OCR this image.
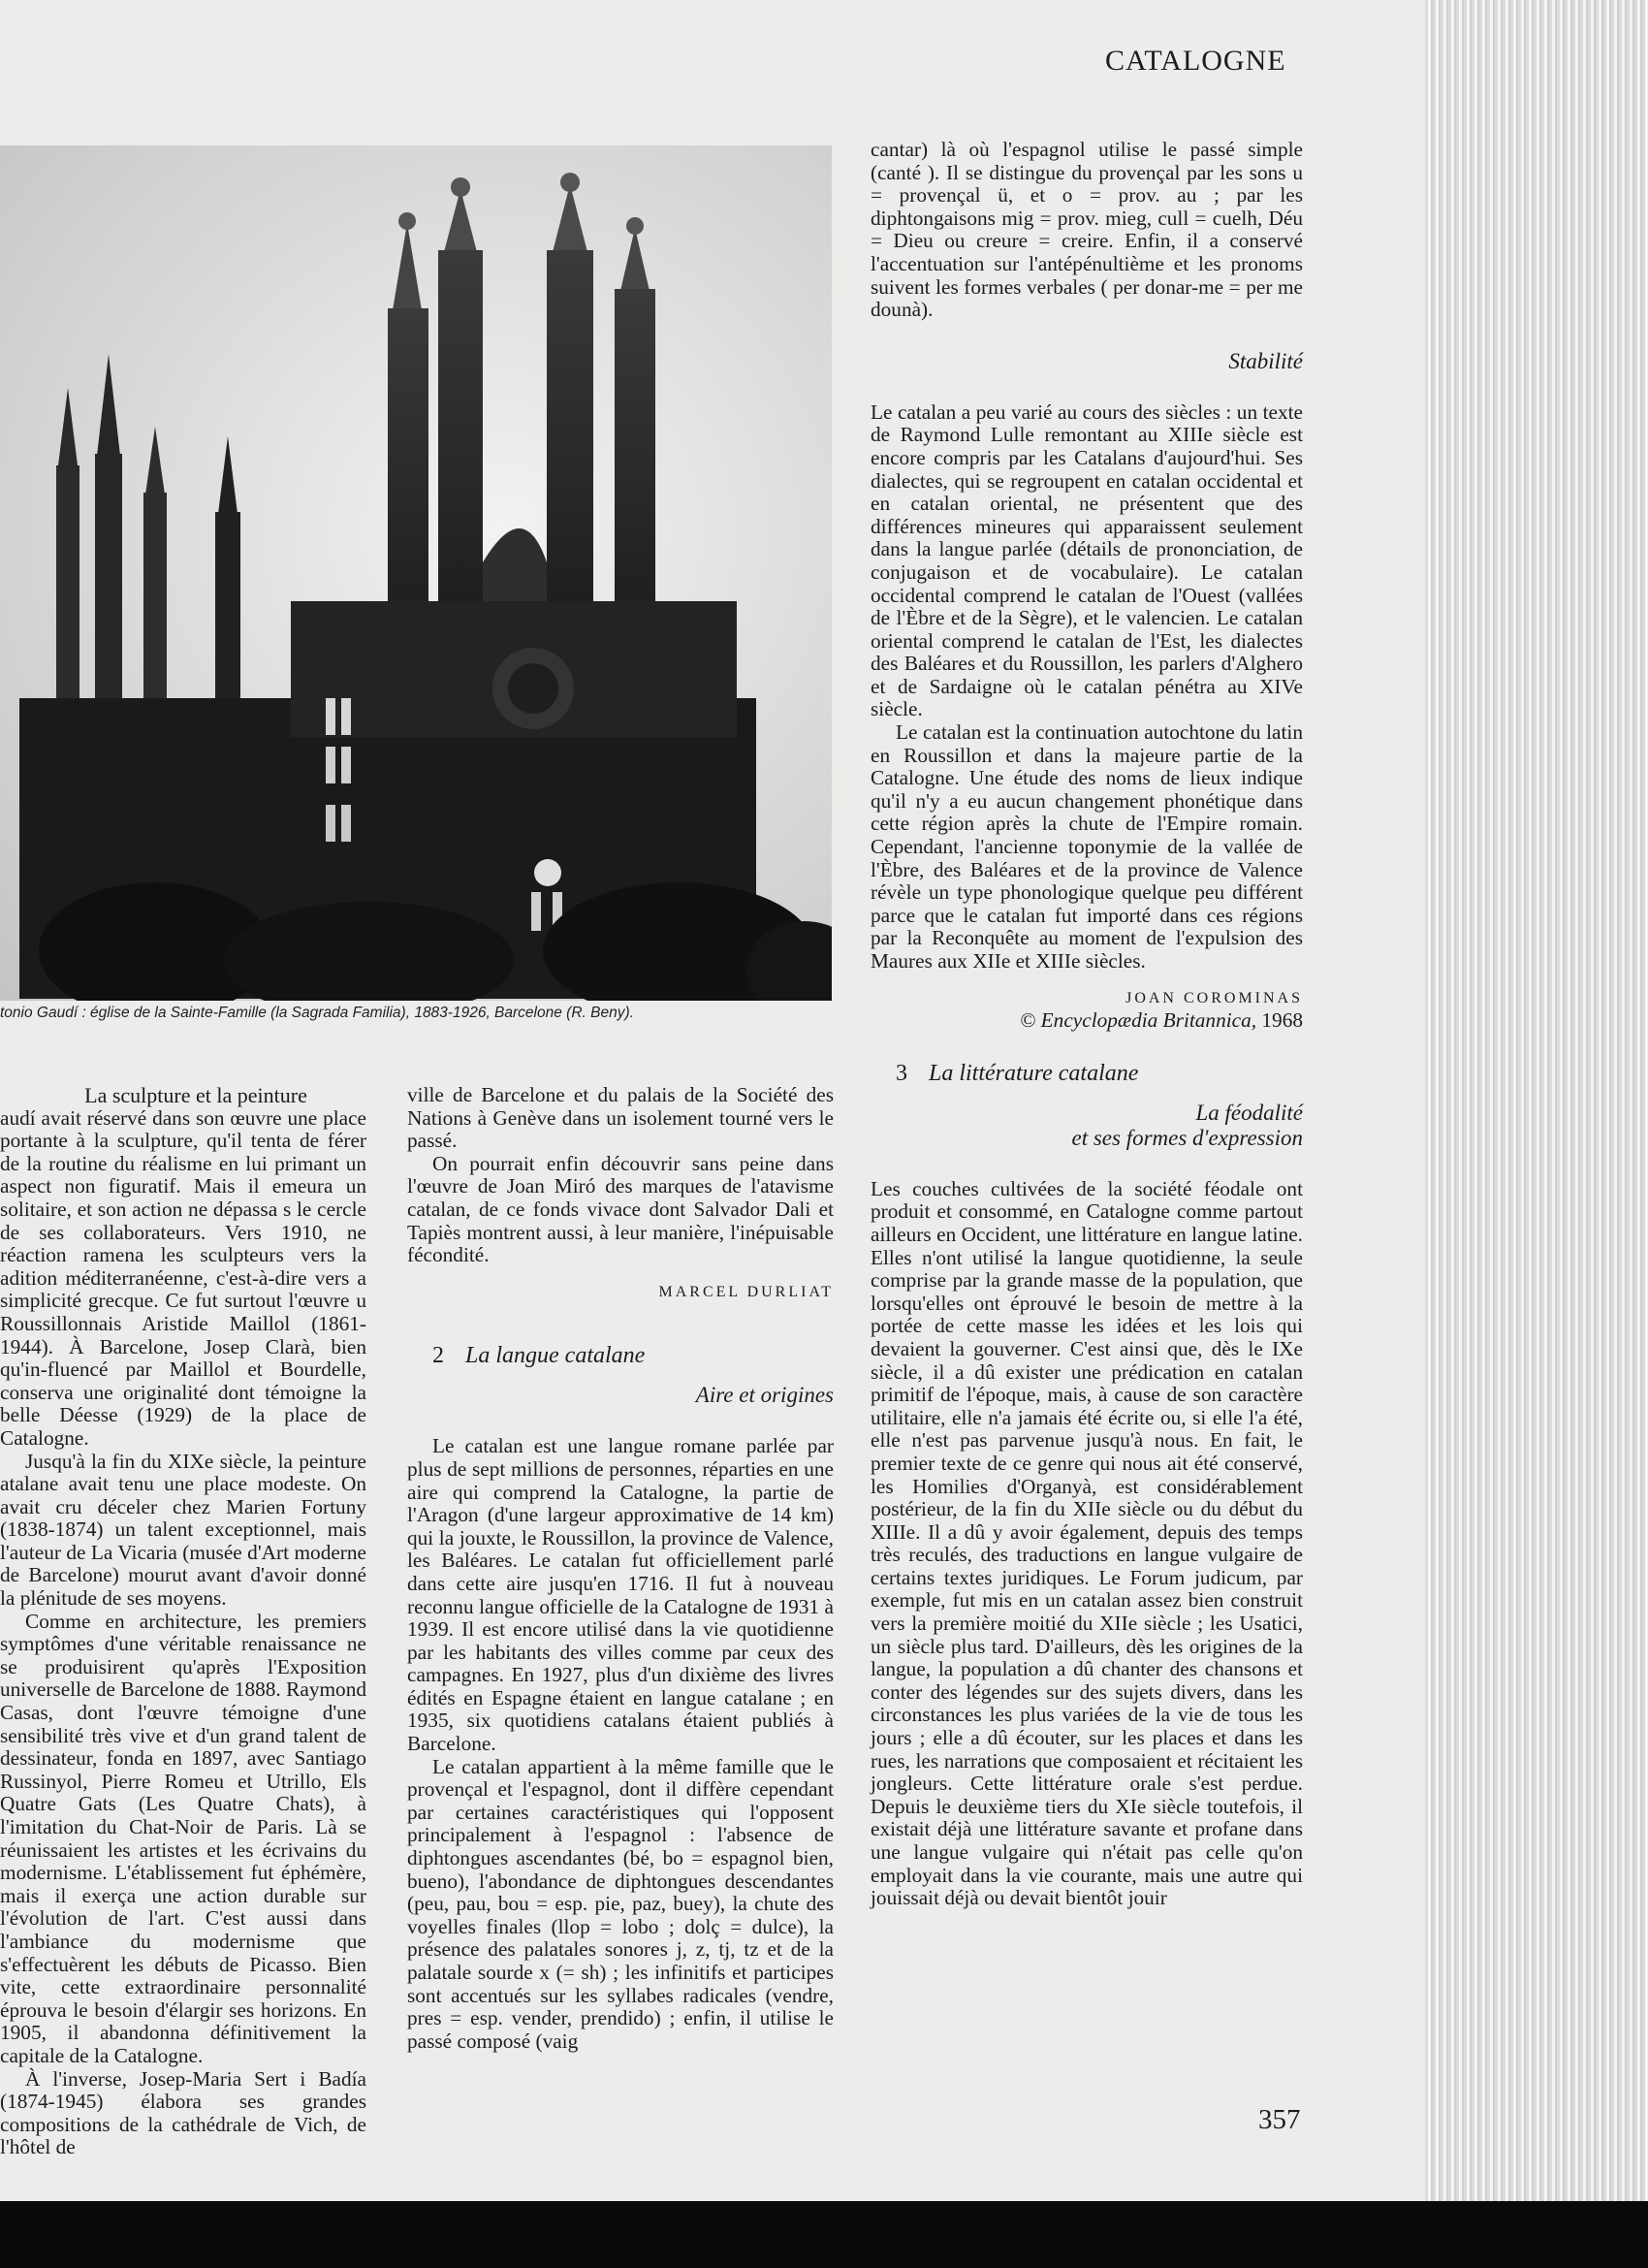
CATALOGNE
tonio Gaudí : église de la Sainte-Famille (la Sagrada Familia), 1883-1926, Barcelone (R. Beny).

La sculpture et la peinture

audí avait réservé dans son œuvre une place portante à la sculpture, qu'il tenta de férer de la routine du réalisme en lui primant un aspect non figuratif. Mais il emeura un solitaire, et son action ne dépassa s le cercle de ses collaborateurs. Vers 1910, ne réaction ramena les sculpteurs vers la adition méditerranéenne, c'est-à-dire vers a simplicité grecque. Ce fut surtout l'œuvre u Roussillonnais Aristide Maillol (1861-1944). À Barcelone, Josep Clarà, bien qu'in-fluencé par Maillol et Bourdelle, conserva une originalité dont témoigne la belle Déesse (1929) de la place de Catalogne.

Jusqu'à la fin du XIXe siècle, la peinture atalane avait tenu une place modeste. On avait cru déceler chez Marien Fortuny (1838-1874) un talent exceptionnel, mais l'auteur de La Vicaria (musée d'Art moderne de Barcelone) mourut avant d'avoir donné la plénitude de ses moyens.

Comme en architecture, les premiers symptômes d'une véritable renaissance ne se produisirent qu'après l'Exposition universelle de Barcelone de 1888. Raymond Casas, dont l'œuvre témoigne d'une sensibilité très vive et d'un grand talent de dessinateur, fonda en 1897, avec Santiago Russinyol, Pierre Romeu et Utrillo, Els Quatre Gats (Les Quatre Chats), à l'imitation du Chat-Noir de Paris. Là se réunissaient les artistes et les écrivains du modernisme. L'établissement fut éphémère, mais il exerça une action durable sur l'évolution de l'art. C'est aussi dans l'ambiance du modernisme que s'effectuèrent les débuts de Picasso. Bien vite, cette extraordinaire personnalité éprouva le besoin d'élargir ses horizons. En 1905, il abandonna définitivement la capitale de la Catalogne.

À l'inverse, Josep-Maria Sert i Badía (1874-1945) élabora ses grandes compositions de la cathédrale de Vich, de l'hôtel de

ville de Barcelone et du palais de la Société des Nations à Genève dans un isolement tourné vers le passé.

On pourrait enfin découvrir sans peine dans l'œuvre de Joan Miró des marques de l'atavisme catalan, de ce fonds vivace dont Salvador Dali et Tapiès montrent aussi, à leur manière, l'inépuisable fécondité.

MARCEL DURLIAT

2 La langue catalane

Aire et origines

Le catalan est une langue romane parlée par plus de sept millions de personnes, réparties en une aire qui comprend la Catalogne, la partie de l'Aragon (d'une largeur approximative de 14 km) qui la jouxte, le Roussillon, la province de Valence, les Baléares. Le catalan fut officiellement parlé dans cette aire jusqu'en 1716. Il fut à nouveau reconnu langue officielle de la Catalogne de 1931 à 1939. Il est encore utilisé dans la vie quotidienne par les habitants des villes comme par ceux des campagnes. En 1927, plus d'un dixième des livres édités en Espagne étaient en langue catalane ; en 1935, six quotidiens catalans étaient publiés à Barcelone.

Le catalan appartient à la même famille que le provençal et l'espagnol, dont il diffère cependant par certaines caractéristiques qui l'opposent principalement à l'espagnol : l'absence de diphtongues ascendantes (bé, bo = espagnol bien, bueno), l'abondance de diphtongues descendantes (peu, pau, bou = esp. pie, paz, buey), la chute des voyelles finales (llop = lobo ; dolç = dulce), la présence des palatales sonores j, z, tj, tz et de la palatale sourde x (= sh) ; les infinitifs et participes sont accentués sur les syllabes radicales (vendre, pres = esp. vender, prendido) ; enfin, il utilise le passé composé (vaig

cantar) là où l'espagnol utilise le passé simple (canté ). Il se distingue du provençal par les sons u = provençal ü, et o = prov. au ; par les diphtongaisons mig = prov. mieg, cull = cuelh, Déu = Dieu ou creure = creire. Enfin, il a conservé l'accentuation sur l'antépénultième et les pronoms suivent les formes verbales ( per donar-me = per me dounà).

Stabilité

Le catalan a peu varié au cours des siècles : un texte de Raymond Lulle remontant au XIIIe siècle est encore compris par les Catalans d'aujourd'hui. Ses dialectes, qui se regroupent en catalan occidental et en catalan oriental, ne présentent que des différences mineures qui apparaissent seulement dans la langue parlée (détails de prononciation, de conjugaison et de vocabulaire). Le catalan occidental comprend le catalan de l'Ouest (vallées de l'Èbre et de la Sègre), et le valencien. Le catalan oriental comprend le catalan de l'Est, les dialectes des Baléares et du Roussillon, les parlers d'Alghero et de Sardaigne où le catalan pénétra au XIVe siècle.

Le catalan est la continuation autochtone du latin en Roussillon et dans la majeure partie de la Catalogne. Une étude des noms de lieux indique qu'il n'y a eu aucun changement phonétique dans cette région après la chute de l'Empire romain. Cependant, l'ancienne toponymie de la vallée de l'Èbre, des Baléares et de la province de Valence révèle un type phonologique quelque peu différent parce que le catalan fut importé dans ces régions par la Reconquête au moment de l'expulsion des Maures aux XIIe et XIIIe siècles.

JOAN COROMINAS

© Encyclopædia Britannica, 1968

3 La littérature catalane

La féodalité

et ses formes d'expression

Les couches cultivées de la société féodale ont produit et consommé, en Catalogne comme partout ailleurs en Occident, une littérature en langue latine. Elles n'ont utilisé la langue quotidienne, la seule comprise par la grande masse de la population, que lorsqu'elles ont éprouvé le besoin de mettre à la portée de cette masse les idées et les lois qui devaient la gouverner. C'est ainsi que, dès le IXe siècle, il a dû exister une prédication en catalan primitif de l'époque, mais, à cause de son caractère utilitaire, elle n'a jamais été écrite ou, si elle l'a été, elle n'est pas parvenue jusqu'à nous. En fait, le premier texte de ce genre qui nous ait été conservé, les Homilies d'Organyà, est considérablement postérieur, de la fin du XIIe siècle ou du début du XIIIe. Il a dû y avoir également, depuis des temps très reculés, des traductions en langue vulgaire de certains textes juridiques. Le Forum judicum, par exemple, fut mis en un catalan assez bien construit vers la première moitié du XIIe siècle ; les Usatici, un siècle plus tard. D'ailleurs, dès les origines de la langue, la population a dû chanter des chansons et conter des légendes sur des sujets divers, dans les circonstances les plus variées de la vie de tous les jours ; elle a dû écouter, sur les places et dans les rues, les narrations que composaient et récitaient les jongleurs. Cette littérature orale s'est perdue. Depuis le deuxième tiers du XIe siècle toutefois, il existait déjà une littérature savante et profane dans une langue vulgaire qui n'était pas celle qu'on employait dans la vie courante, mais une autre qui jouissait déjà ou devait bientôt jouir

357
